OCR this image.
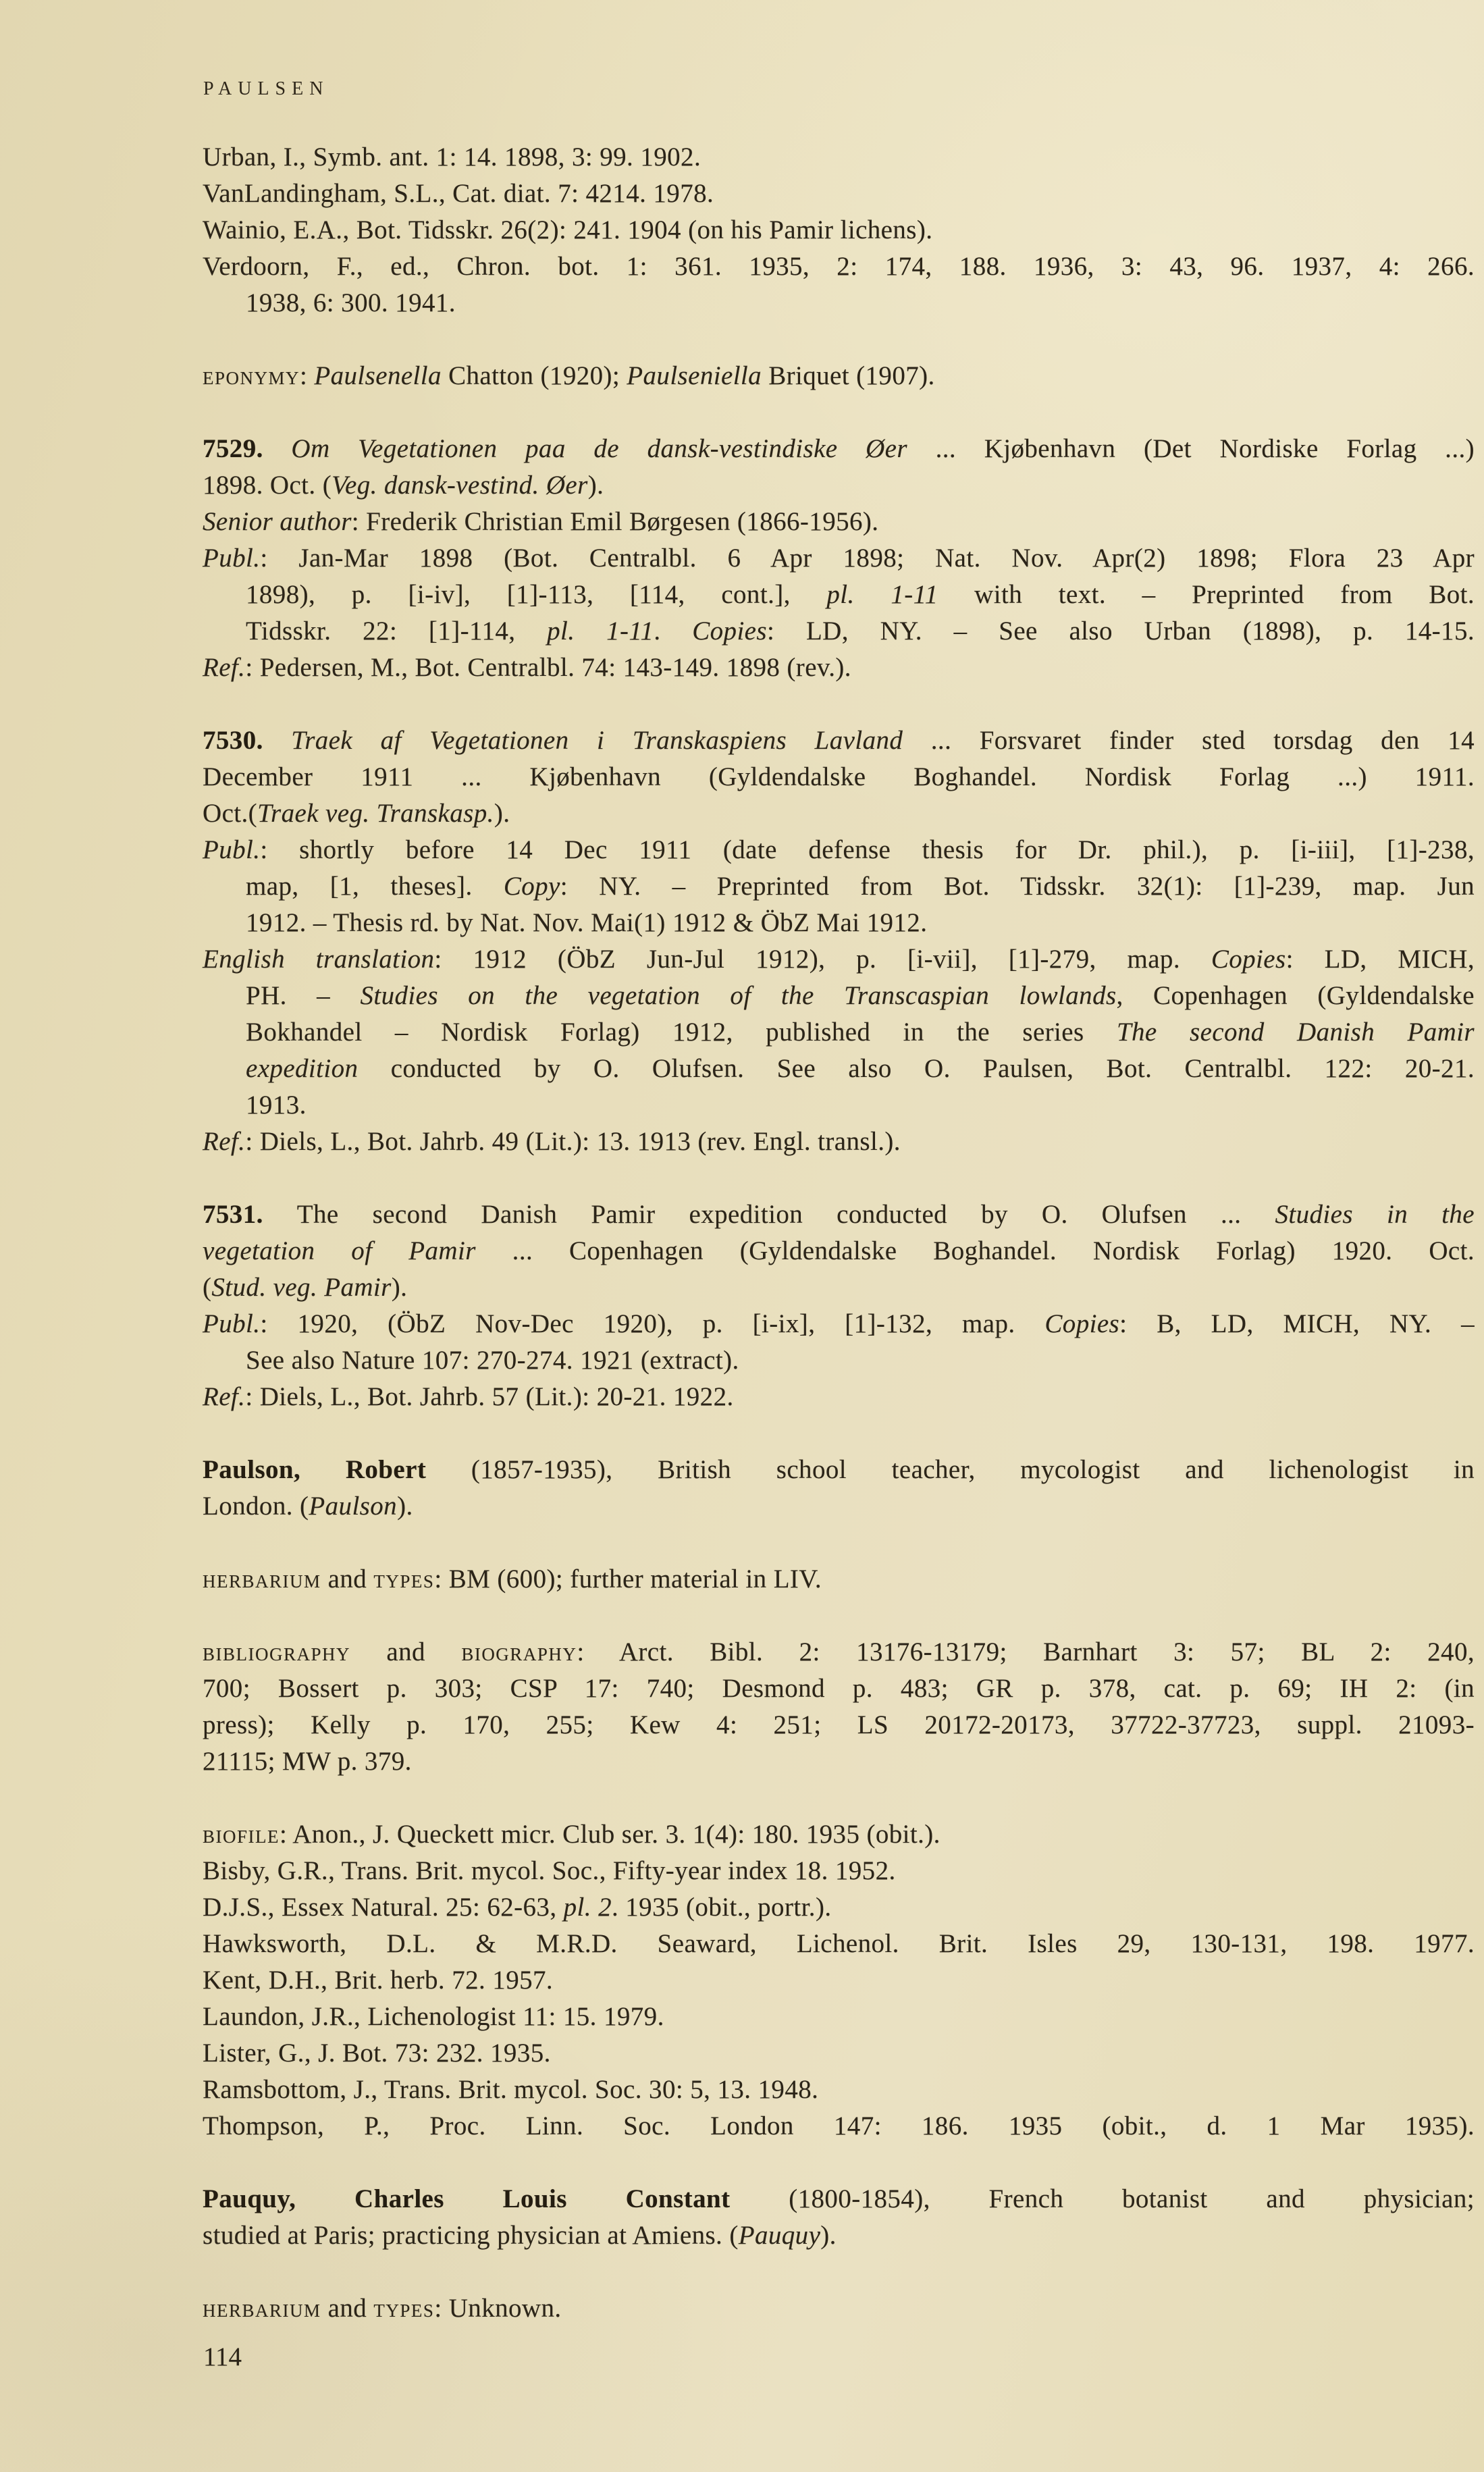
PAULSEN
Urban, I., Symb. ant. 1: 14. 1898, 3: 99. 1902.
VanLandingham, S.L., Cat. diat. 7: 4214. 1978.
Wainio, E.A., Bot. Tidsskr. 26(2): 241. 1904 (on his Pamir lichens).
Verdoorn, F., ed., Chron. bot. 1: 361. 1935, 2: 174, 188. 1936, 3: 43, 96. 1937, 4: 266.
1938, 6: 300. 1941.
eponymy: Paulsenella Chatton (1920); Paulseniella Briquet (1907).
7529. Om Vegetationen paa de dansk-vestindiske Øer ... Kjøbenhavn (Det Nordiske Forlag ...)
1898. Oct. (Veg. dansk-vestind. Øer).
Senior author: Frederik Christian Emil Børgesen (1866-1956).
Publ.: Jan-Mar 1898 (Bot. Centralbl. 6 Apr 1898; Nat. Nov. Apr(2) 1898; Flora 23 Apr
1898), p. [i-iv], [1]-113, [114, cont.], pl. 1-11 with text. – Preprinted from Bot.
Tidsskr. 22: [1]-114, pl. 1-11. Copies: LD, NY. – See also Urban (1898), p. 14-15.
Ref.: Pedersen, M., Bot. Centralbl. 74: 143-149. 1898 (rev.).
7530. Traek af Vegetationen i Transkaspiens Lavland ... Forsvaret finder sted torsdag den 14
December 1911 ... Kjøbenhavn (Gyldendalske Boghandel. Nordisk Forlag ...) 1911.
Oct.(Traek veg. Transkasp.).
Publ.: shortly before 14 Dec 1911 (date defense thesis for Dr. phil.), p. [i-iii], [1]-238,
map, [1, theses]. Copy: NY. – Preprinted from Bot. Tidsskr. 32(1): [1]-239, map. Jun
1912. – Thesis rd. by Nat. Nov. Mai(1) 1912 & ÖbZ Mai 1912.
English translation: 1912 (ÖbZ Jun-Jul 1912), p. [i-vii], [1]-279, map. Copies: LD, MICH,
PH. – Studies on the vegetation of the Transcaspian lowlands, Copenhagen (Gyldendalske
Bokhandel – Nordisk Forlag) 1912, published in the series The second Danish Pamir
expedition conducted by O. Olufsen. See also O. Paulsen, Bot. Centralbl. 122: 20-21.
1913.
Ref.: Diels, L., Bot. Jahrb. 49 (Lit.): 13. 1913 (rev. Engl. transl.).
7531. The second Danish Pamir expedition conducted by O. Olufsen ... Studies in the
vegetation of Pamir ... Copenhagen (Gyldendalske Boghandel. Nordisk Forlag) 1920. Oct.
(Stud. veg. Pamir).
Publ.: 1920, (ÖbZ Nov-Dec 1920), p. [i-ix], [1]-132, map. Copies: B, LD, MICH, NY. –
See also Nature 107: 270-274. 1921 (extract).
Ref.: Diels, L., Bot. Jahrb. 57 (Lit.): 20-21. 1922.
Paulson, Robert (1857-1935), British school teacher, mycologist and lichenologist in
London. (Paulson).
herbarium and types: BM (600); further material in LIV.
bibliography and biography: Arct. Bibl. 2: 13176-13179; Barnhart 3: 57; BL 2: 240,
700; Bossert p. 303; CSP 17: 740; Desmond p. 483; GR p. 378, cat. p. 69; IH 2: (in
press); Kelly p. 170, 255; Kew 4: 251; LS 20172-20173, 37722-37723, suppl. 21093-
21115; MW p. 379.
biofile: Anon., J. Queckett micr. Club ser. 3. 1(4): 180. 1935 (obit.).
Bisby, G.R., Trans. Brit. mycol. Soc., Fifty-year index 18. 1952.
D.J.S., Essex Natural. 25: 62-63, pl. 2. 1935 (obit., portr.).
Hawksworth, D.L. & M.R.D. Seaward, Lichenol. Brit. Isles 29, 130-131, 198. 1977.
Kent, D.H., Brit. herb. 72. 1957.
Laundon, J.R., Lichenologist 11: 15. 1979.
Lister, G., J. Bot. 73: 232. 1935.
Ramsbottom, J., Trans. Brit. mycol. Soc. 30: 5, 13. 1948.
Thompson, P., Proc. Linn. Soc. London 147: 186. 1935 (obit., d. 1 Mar 1935).
Pauquy, Charles Louis Constant (1800-1854), French botanist and physician;
studied at Paris; practicing physician at Amiens. (Pauquy).
herbarium and types: Unknown.
114
